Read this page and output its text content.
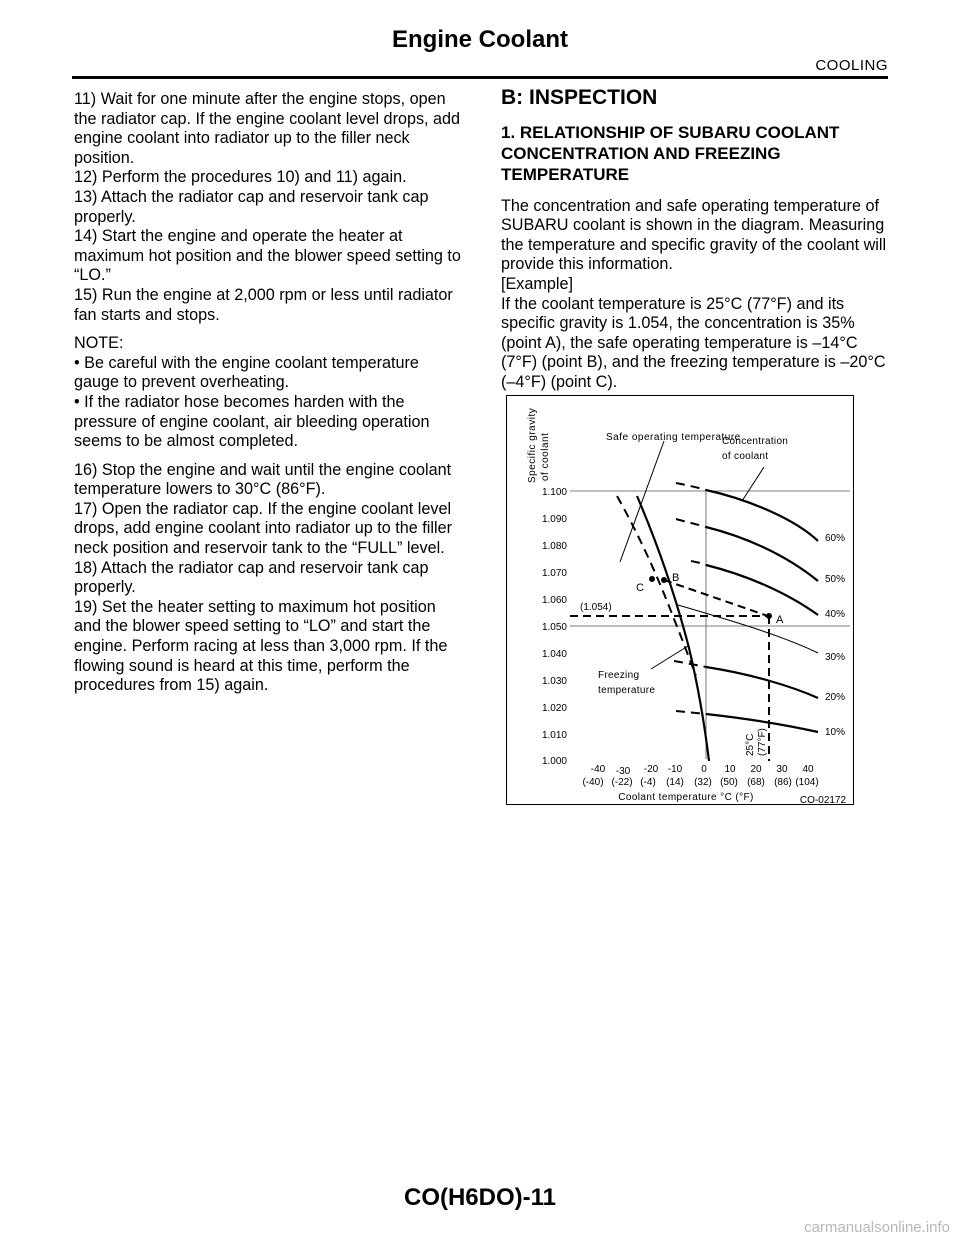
Engine Coolant
COOLING

11) Wait for one minute after the engine stops, open the radiator cap. If the engine coolant level drops, add engine coolant into radiator up to the filler neck position.

12) Perform the procedures 10) and 11) again.

13) Attach the radiator cap and reservoir tank cap properly.

14) Start the engine and operate the heater at maximum hot position and the blower speed setting to “LO.”

15) Run the engine at 2,000 rpm or less until radiator fan starts and stops.

NOTE:

• Be careful with the engine coolant temperature gauge to prevent overheating.

• If the radiator hose becomes harden with the pressure of engine coolant, air bleeding operation seems to be almost completed.

16) Stop the engine and wait until the engine coolant temperature lowers to 30°C (86°F).

17) Open the radiator cap. If the engine coolant level drops, add engine coolant into radiator up to the filler neck position and reservoir tank to the “FULL” level.

18) Attach the radiator cap and reservoir tank cap properly.

19) Set the heater setting to maximum hot position and the blower speed setting to “LO” and start the engine. Perform racing at less than 3,000 rpm. If the flowing sound is heard at this time, perform the procedures from 15) again.

B: INSPECTION
1. RELATIONSHIP OF SUBARU COOLANT CONCENTRATION AND FREEZING TEMPERATURE

The concentration and safe operating temperature of SUBARU coolant is shown in the diagram. Measuring the temperature and specific gravity of the coolant will provide this information.

[Example]

If the coolant temperature is 25°C (77°F) and its specific gravity is 1.054, the concentration is 35% (point A), the safe operating temperature is –14°C (7°F) (point B), and the freezing temperature is –20°C (–4°F) (point C).

1.100
1.090
1.080
1.070
1.060
1.050
1.040
1.030
1.020
1.010
1.000
Specific gravity of coolant
-40 -30 -20 -10 0 10 20 30 40
(-40) (-22) (-4) (14) (32) (50) (68) (86) (104)
Coolant temperature °C (°F)	CO-02172
A
B
C
Safe operating temperature
Concentration
of coolant
Freezing
temperature
(1.054)
60%
50%
40%
30%
20%
10%
25°C (77°F)
CO(H6DO)-11
carmanualsonline.info
